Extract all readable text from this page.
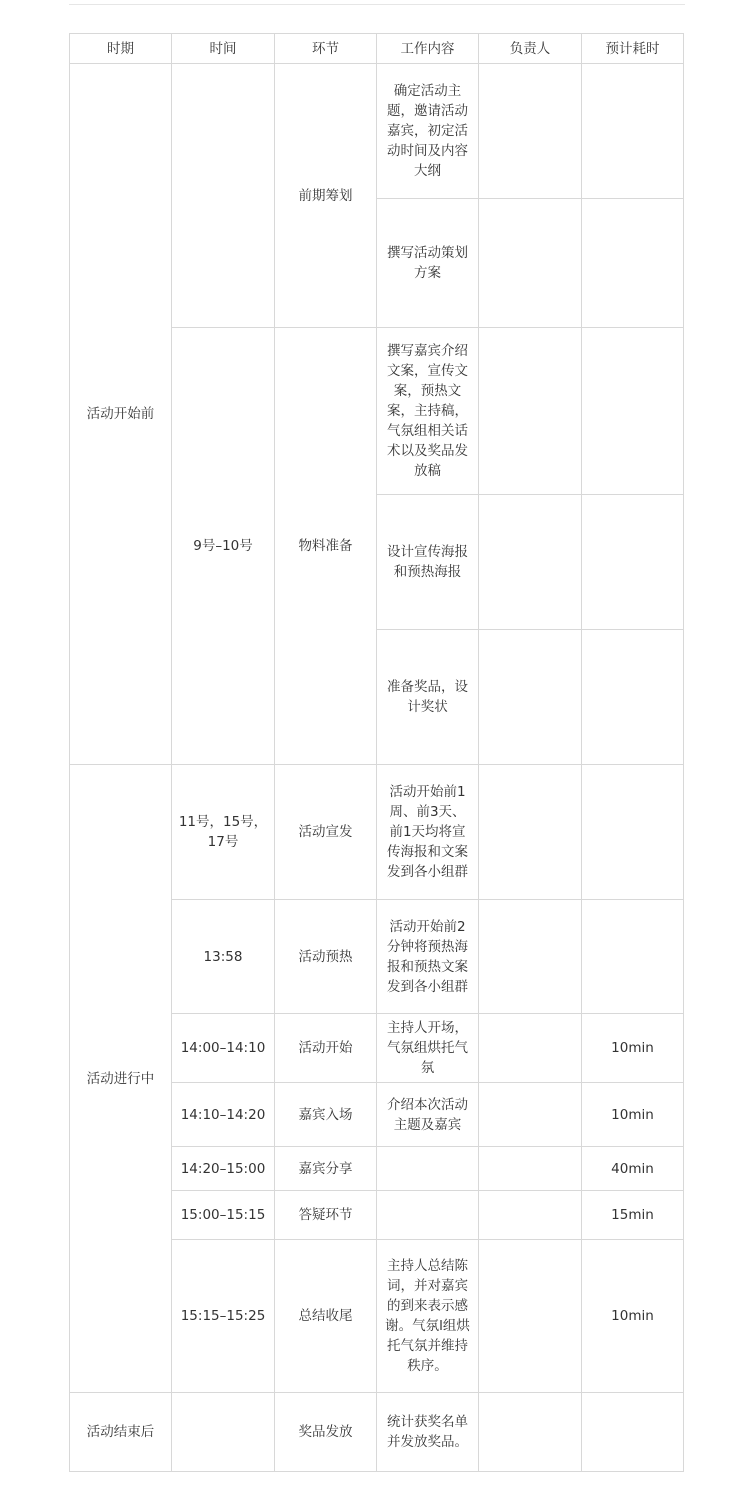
时期	时间	环节	工作内容	负责人	预计耗时
活动开始前		前期筹划	确定活动主题，邀请活动嘉宾，初定活动时间及内容大纲		
			撰写活动策划方案		
	9号–10号	物料准备	撰写嘉宾介绍文案，宣传文案，预热文案，主持稿，气氛组相关话术以及奖品发放稿		
			设计宣传海报和预热海报		
			准备奖品，设计奖状		
活动进行中	11号，15号，17号	活动宣发	活动开始前1周、前3天、前1天均将宣传海报和文案发到各小组群		
	13:58	活动预热	活动开始前2分钟将预热海报和预热文案发到各小组群		
	14:00–14:10	活动开始	主持人开场，气氛组烘托气氛		10min
	14:10–14:20	嘉宾入场	介绍本次活动主题及嘉宾		10min
	14:20–15:00	嘉宾分享			40min
	15:00–15:15	答疑环节			15min
	15:15–15:25	总结收尾	主持人总结陈词，并对嘉宾的到来表示感谢。气氛l组烘托气氛并维持秩序。		10min
活动结束后		奖品发放	统计获奖名单并发放奖品。		
